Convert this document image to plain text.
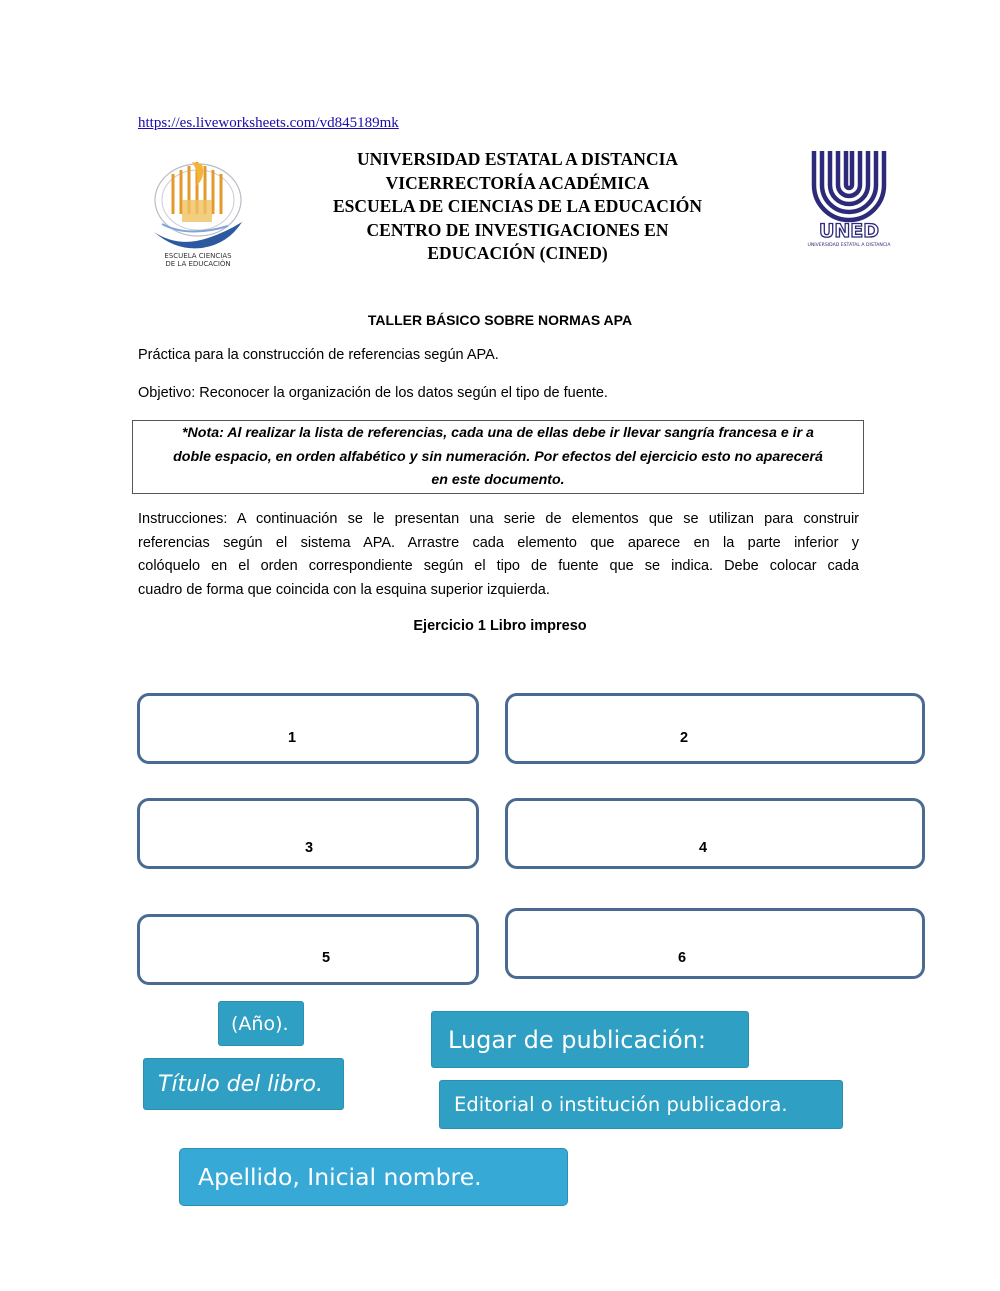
https://es.liveworksheets.com/vd845189mk
ESCUELA CIENCIAS
DE LA EDUCACIÓN
UNIVERSIDAD ESTATAL A DISTANCIA
VICERRECTORÍA ACADÉMICA
ESCUELA DE CIENCIAS DE LA EDUCACIÓN
CENTRO DE INVESTIGACIONES EN
EDUCACIÓN (CINED)
UNED
UNIVERSIDAD ESTATAL A DISTANCIA
TALLER BÁSICO SOBRE NORMAS APA
Práctica para la construcción de referencias según APA.
Objetivo: Reconocer la organización de los datos según el tipo de fuente.
*Nota: Al realizar la lista de referencias, cada una de ellas debe ir llevar sangría francesa e ir a
doble espacio, en orden alfabético y sin numeración. Por efectos del ejercicio esto no aparecerá
en este documento.
Instrucciones: A continuación se le presentan una serie de elementos que se utilizan para construir
referencias según el sistema APA. Arrastre cada elemento que aparece en la parte inferior y
colóquelo en el orden correspondiente según el tipo de fuente que se indica. Debe colocar cada
cuadro de forma que coincida con la esquina superior izquierda.
Ejercicio 1 Libro impreso
1	2
3	4
5	6
(Año).
Lugar de publicación:
Título del libro.
Editorial o institución publicadora.
Apellido, Inicial nombre.
